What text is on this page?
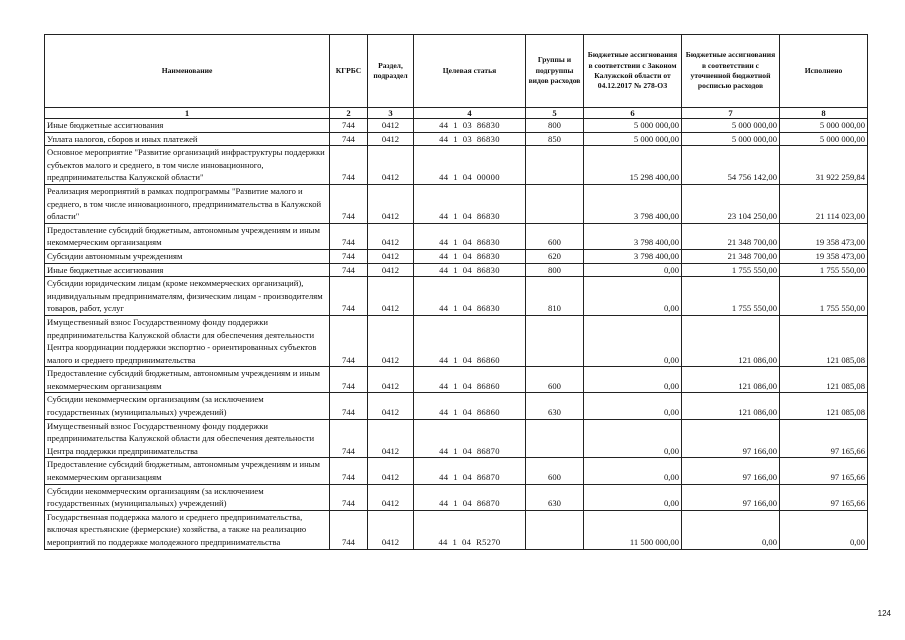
Наименование	КГРБС	Раздел, подраздел	Целевая статья	Группы и подгруппы видов расходов	Бюджетные ассигнования в соответствии с Законом Калужской области от 04.12.2017 № 278-ОЗ	Бюджетные ассигнования в соответствии с уточненной бюджетной росписью расходов	Исполнено
1	2	3	4	5	6	7	8
Иные бюджетные ассигнования	744	0412	44  1  03  86830	800	5 000 000,00	5 000 000,00	5 000 000,00
Уплата налогов, сборов и иных платежей	744	0412	44  1  03  86830	850	5 000 000,00	5 000 000,00	5 000 000,00
Основное мероприятие "Развитие организаций инфраструктуры поддержки субъектов малого и среднего, в том числе инновационного, предпринимательства Калужской области"	744	0412	44  1  04  00000		15 298 400,00	54 756 142,00	31 922 259,84
Реализация мероприятий в рамках подпрограммы "Развитие малого и среднего, в том числе инновационного, предпринимательства в Калужской области"	744	0412	44  1  04  86830		3 798 400,00	23 104 250,00	21 114 023,00
Предоставление субсидий бюджетным, автономным учреждениям и иным некоммерческим организациям	744	0412	44  1  04  86830	600	3 798 400,00	21 348 700,00	19 358 473,00
Субсидии автономным учреждениям	744	0412	44  1  04  86830	620	3 798 400,00	21 348 700,00	19 358 473,00
Иные бюджетные ассигнования	744	0412	44  1  04  86830	800	0,00	1 755 550,00	1 755 550,00
Субсидии юридическим лицам (кроме некоммерческих организаций), индивидуальным предпринимателям, физическим лицам - производителям товаров, работ, услуг	744	0412	44  1  04  86830	810	0,00	1 755 550,00	1 755 550,00
Имущественный взнос Государственному фонду поддержки предпринимательства Калужской области для обеспечения деятельности Центра координации поддержки экспортно - ориентированных субъектов малого и среднего предпринимательства	744	0412	44  1  04  86860		0,00	121 086,00	121 085,08
Предоставление субсидий бюджетным, автономным учреждениям и иным некоммерческим организациям	744	0412	44  1  04  86860	600	0,00	121 086,00	121 085,08
Субсидии некоммерческим организациям (за исключением государственных (муниципальных) учреждений)	744	0412	44  1  04  86860	630	0,00	121 086,00	121 085,08
Имущественный взнос Государственному фонду поддержки предпринимательства Калужской области для обеспечения деятельности Центра поддержки предпринимательства	744	0412	44  1  04  86870		0,00	97 166,00	97 165,66
Предоставление субсидий бюджетным, автономным учреждениям и иным некоммерческим организациям	744	0412	44  1  04  86870	600	0,00	97 166,00	97 165,66
Субсидии некоммерческим организациям (за исключением государственных (муниципальных) учреждений)	744	0412	44  1  04  86870	630	0,00	97 166,00	97 165,66
Государственная поддержка малого и среднего предпринимательства, включая крестьянские (фермерские) хозяйства, а также на реализацию мероприятий по поддержке молодежного предпринимательства	744	0412	44  1  04  R5270		11 500 000,00	0,00	0,00
124
